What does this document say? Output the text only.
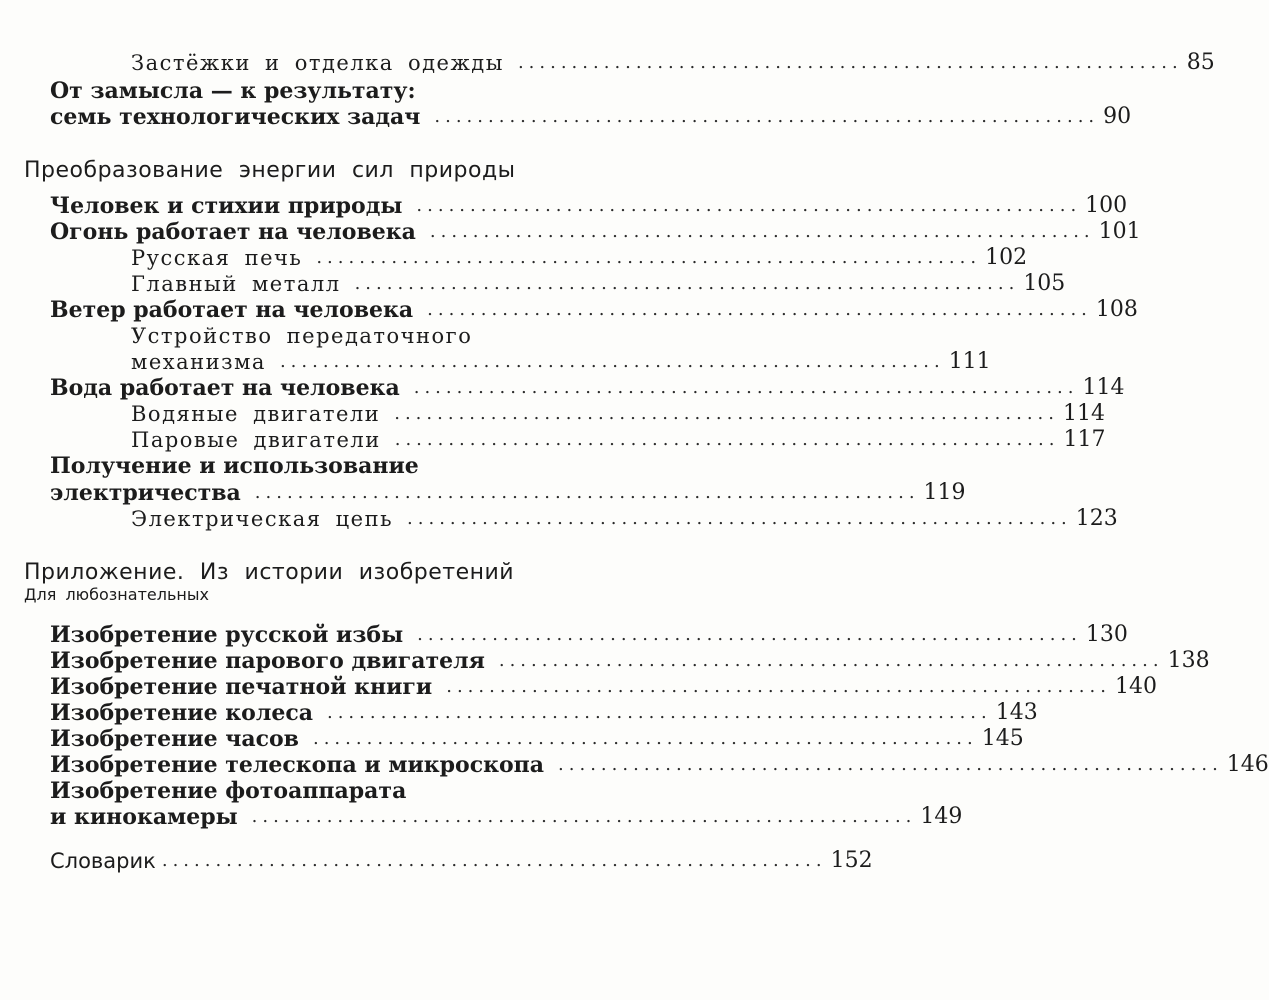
Застёжки и отделка одежды .............................................................. 85
От замысла — к результату:
семь технологических задач .............................................................. 90
Преобразование энергии сил природы
Человек и стихии природы .............................................................. 100
Огонь работает на человека .............................................................. 101
Русская печь .............................................................. 102
Главный металл .............................................................. 105
Ветер работает на человека .............................................................. 108
Устройство передаточного
механизма .............................................................. 111
Вода работает на человека .............................................................. 114
Водяные двигатели .............................................................. 114
Паровые двигатели .............................................................. 117
Получение и использование
электричества .............................................................. 119
Электрическая цепь .............................................................. 123
Приложение. Из истории изобретений
Для любознательных
Изобретение русской избы .............................................................. 130
Изобретение парового двигателя .............................................................. 138
Изобретение печатной книги .............................................................. 140
Изобретение колеса .............................................................. 143
Изобретение часов .............................................................. 145
Изобретение телескопа и микроскопа .............................................................. 146
Изобретение фотоаппарата
и кинокамеры .............................................................. 149
Словарик .............................................................. 152
